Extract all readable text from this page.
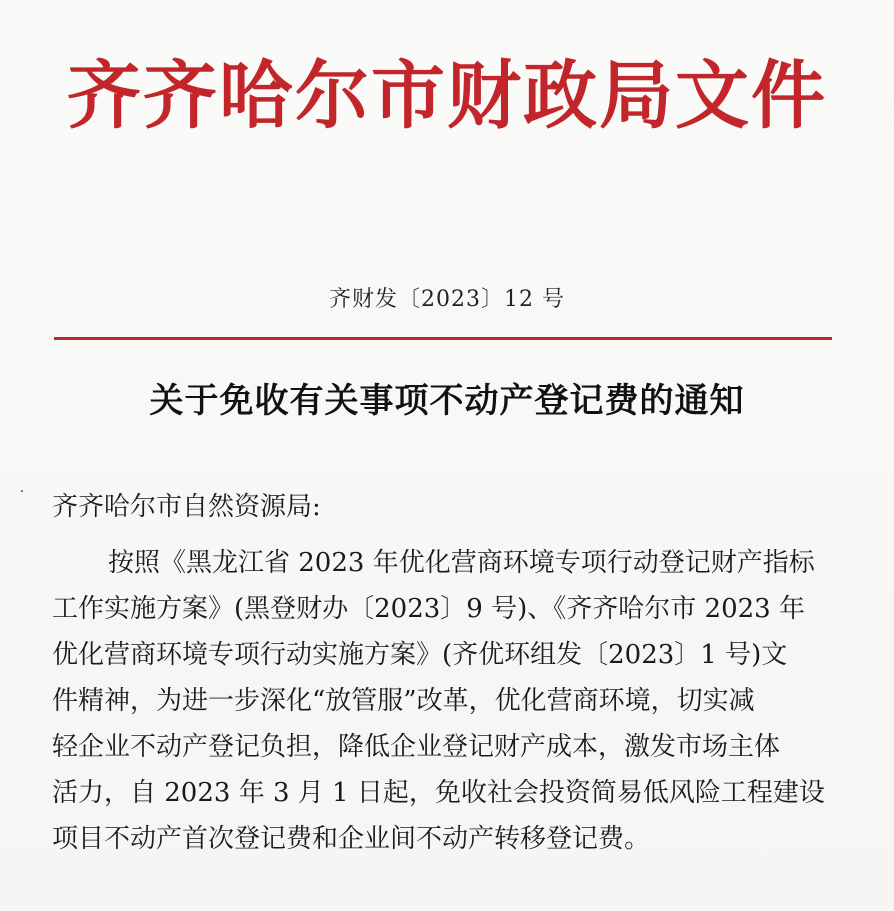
齐齐哈尔市财政局文件
齐财发〔2023〕12 号
关于免收有关事项不动产登记费的通知
齐齐哈尔市自然资源局:
按照《黑龙江省 2023 年优化营商环境专项行动登记财产指标
工作实施方案》(黑登财办〔2023〕9 号)、《齐齐哈尔市 2023 年
优化营商环境专项行动实施方案》(齐优环组发〔2023〕1 号)文
件精神，为进一步深化“放管服”改革，优化营商环境，切实减
轻企业不动产登记负担，降低企业登记财产成本，激发市场主体
活力，自 2023 年 3 月 1 日起，免收社会投资简易低风险工程建设
项目不动产首次登记费和企业间不动产转移登记费。
